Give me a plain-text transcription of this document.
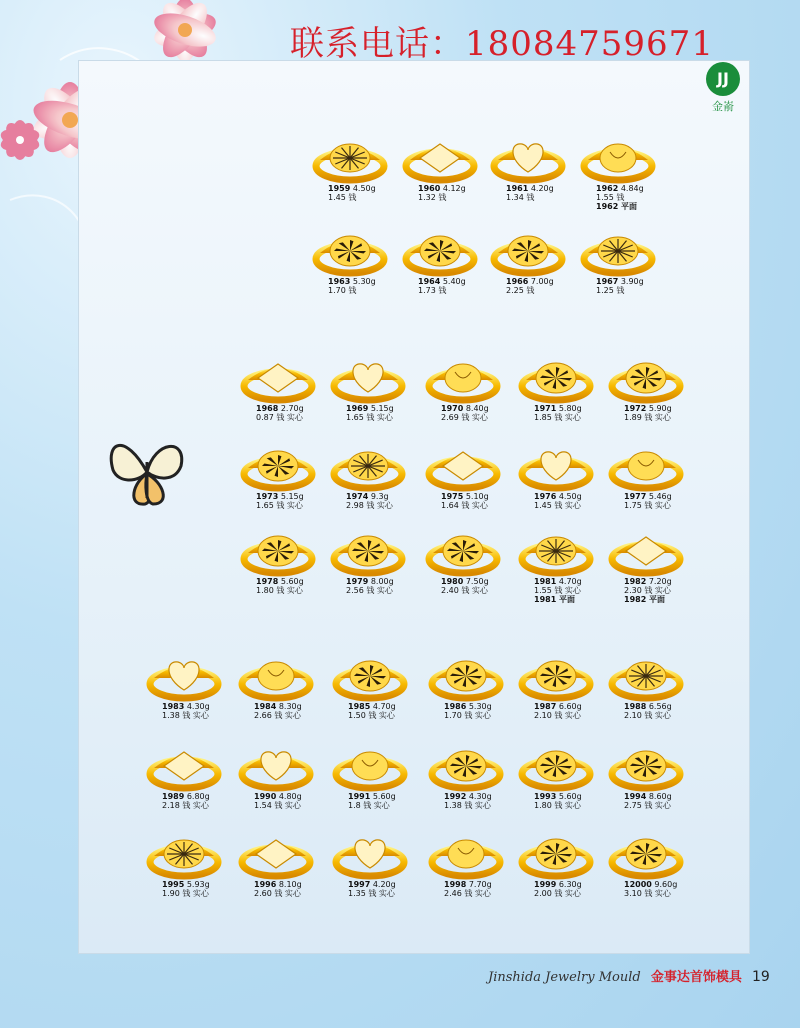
联系电话：18084759671
JJ
金嵛
1959 4.50g
1.45 钱
1960 4.12g
1.32 钱
1961 4.20g
1.34 钱
1962 4.84g
1.55 钱
1962 平面
1963 5.30g
1.70 钱
1964 5.40g
1.73 钱
1966 7.00g
2.25 钱
1967 3.90g
1.25 钱
1968 2.70g
0.87 钱 实心
1969 5.15g
1.65 钱 实心
1970 8.40g
2.69 钱 实心
1971 5.80g
1.85 钱 实心
1972 5.90g
1.89 钱 实心
1973 5.15g
1.65 钱 实心
1974 9.3g
2.98 钱 实心
1975 5.10g
1.64 钱 实心
1976 4.50g
1.45 钱 实心
1977 5.46g
1.75 钱 实心
1978 5.60g
1.80 钱 实心
1979 8.00g
2.56 钱 实心
1980 7.50g
2.40 钱 实心
1981 4.70g
1.55 钱 实心
1981 平面
1982 7.20g
2.30 钱 实心
1982 平面
1983 4.30g
1.38 钱 实心
1984 8.30g
2.66 钱 实心
1985 4.70g
1.50 钱 实心
1986 5.30g
1.70 钱 实心
1987 6.60g
2.10 钱 实心
1988 6.56g
2.10 钱 实心
1989 6.80g
2.18 钱 实心
1990 4.80g
1.54 钱 实心
1991 5.60g
1.8 钱 实心
1992 4.30g
1.38 钱 实心
1993 5.60g
1.80 钱 实心
1994 8.60g
2.75 钱 实心
1995 5.93g
1.90 钱 实心
1996 8.10g
2.60 钱 实心
1997 4.20g
1.35 钱 实心
1998 7.70g
2.46 钱 实心
1999 6.30g
2.00 钱 实心
12000 9.60g
3.10 钱 实心
Jinshida Jewelry Mould 金事达首饰模具 19
